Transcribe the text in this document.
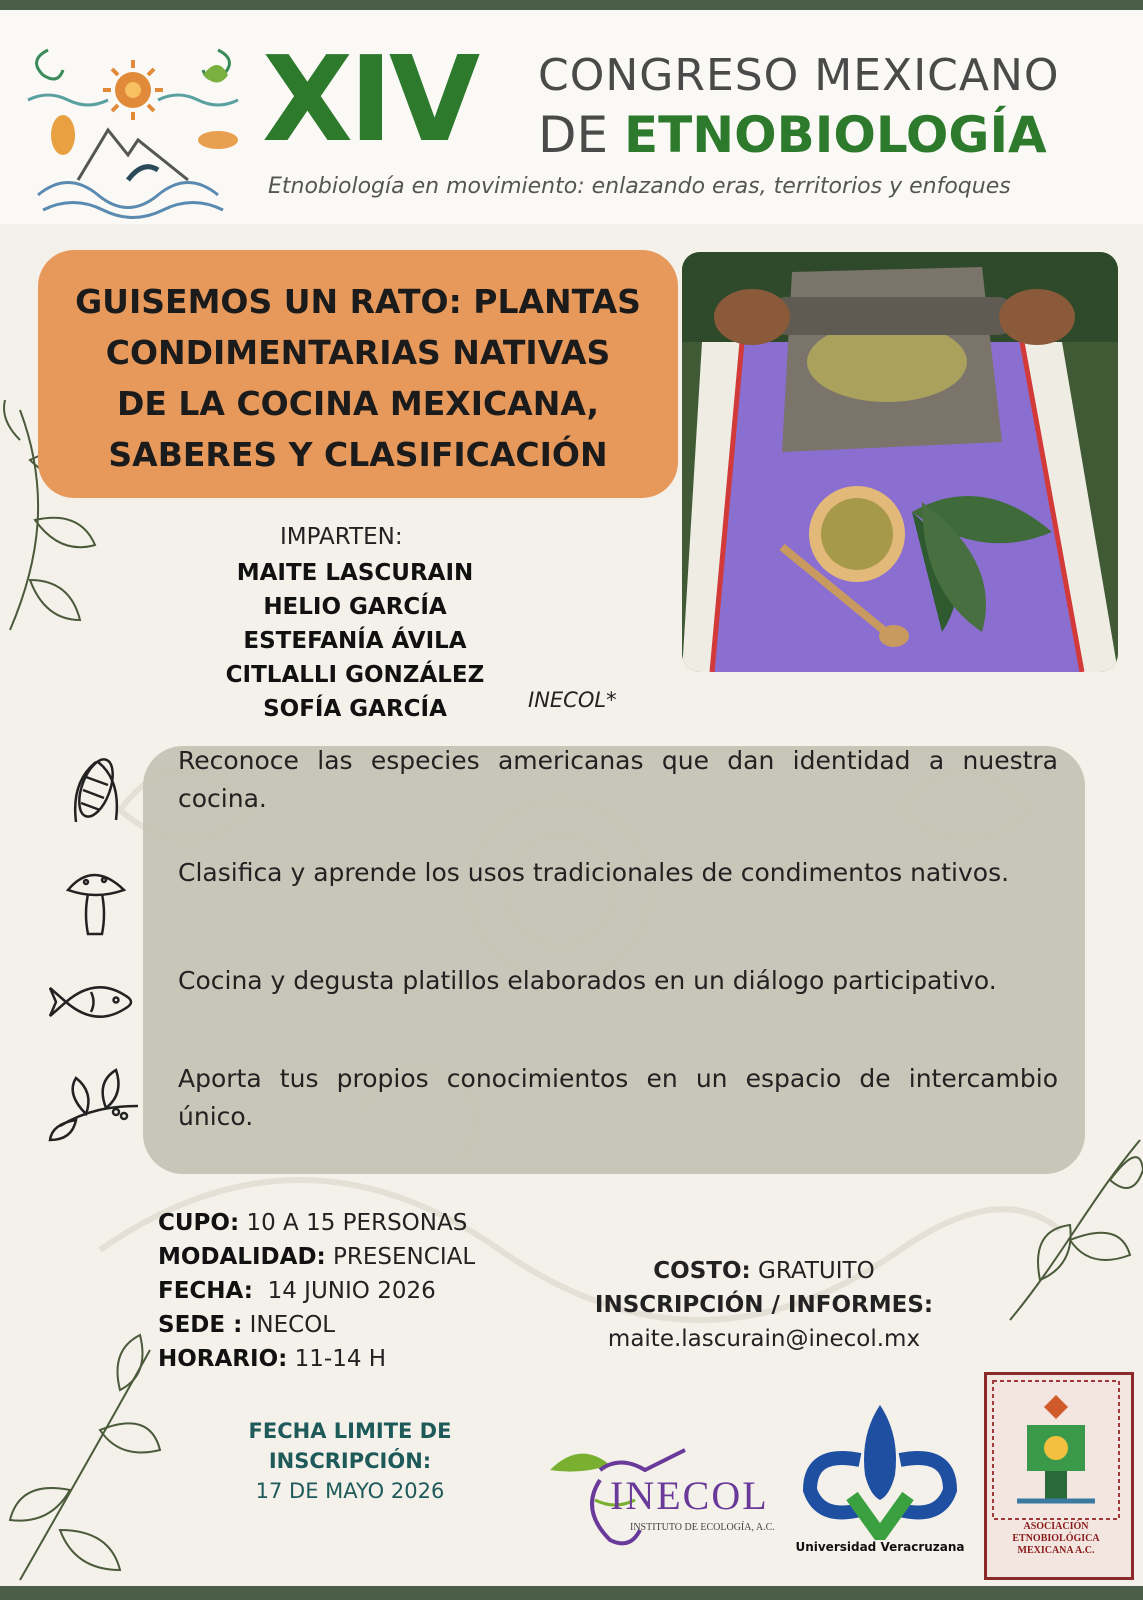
XIV CONGRESO MEXICANO
DE ETNOBIOLOGÍA
Etnobiología en movimiento: enlazando eras, territorios y enfoques
GUISEMOS UN RATO: PLANTAS
CONDIMENTARIAS NATIVAS
DE LA COCINA MEXICANA,
SABERES Y CLASIFICACIÓN
IMPARTEN:
MAITE LASCURAIN
HELIO GARCÍA
ESTEFANÍA ÁVILA
CITLALLI GONZÁLEZ
SOFÍA GARCÍA	INECOL*
Reconoce las especies americanas que dan identidad a nuestra cocina.
Clasifica y aprende los usos tradicionales de condimentos nativos.
Cocina y degusta platillos elaborados en un diálogo participativo.
Aporta tus propios conocimientos en un espacio de intercambio único.
CUPO: 10 A 15 PERSONAS
MODALIDAD: PRESENCIAL
FECHA:  14 JUNIO 2026
SEDE : INECOL
HORARIO: 11-14 H
COSTO: GRATUITO
INSCRIPCIÓN / INFORMES:
maite.lascurain@inecol.mx
FECHA LIMITE DE
INSCRIPCIÓN:
17 DE MAYO 2026	INECOL
INSTITUTO DE ECOLOGÍA, A.C.
Universidad Veracruzana
ASOCIACIÓN
ETNOBIOLÓGICA
MEXICANA A.C.
